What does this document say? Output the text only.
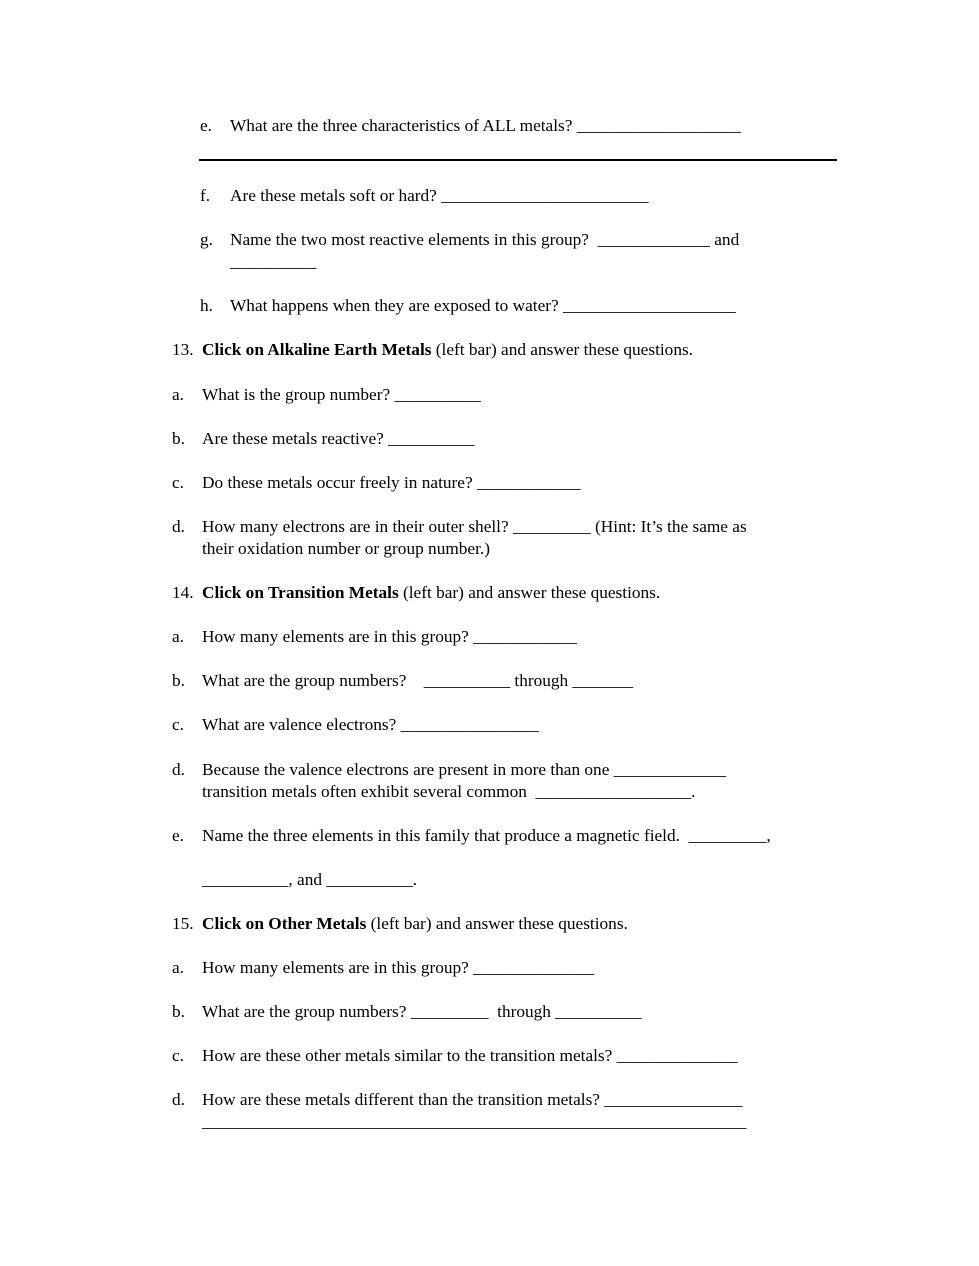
e. What are the three characteristics of ALL metals? ___________________
f. Are these metals soft or hard? ________________________
g. Name the two most reactive elements in this group?  _____________ and
__________
h. What happens when they are exposed to water? ____________________
13. Click on Alkaline Earth Metals (left bar) and answer these questions.
a. What is the group number? __________
b. Are these metals reactive? __________
c. Do these metals occur freely in nature? ____________
d. How many electrons are in their outer shell? _________ (Hint: It’s the same as
their oxidation number or group number.)
14. Click on Transition Metals (left bar) and answer these questions.
a. How many elements are in this group? ____________
b. What are the group numbers?    __________ through _______
c. What are valence electrons? ________________
d. Because the valence electrons are present in more than one _____________
transition metals often exhibit several common  __________________.
e. Name the three elements in this family that produce a magnetic field.  _________,
__________, and __________.
15. Click on Other Metals (left bar) and answer these questions.
a. How many elements are in this group? ______________
b. What are the group numbers? _________  through __________
c. How are these other metals similar to the transition metals? ______________
d. How are these metals different than the transition metals? ________________
_______________________________________________________________
